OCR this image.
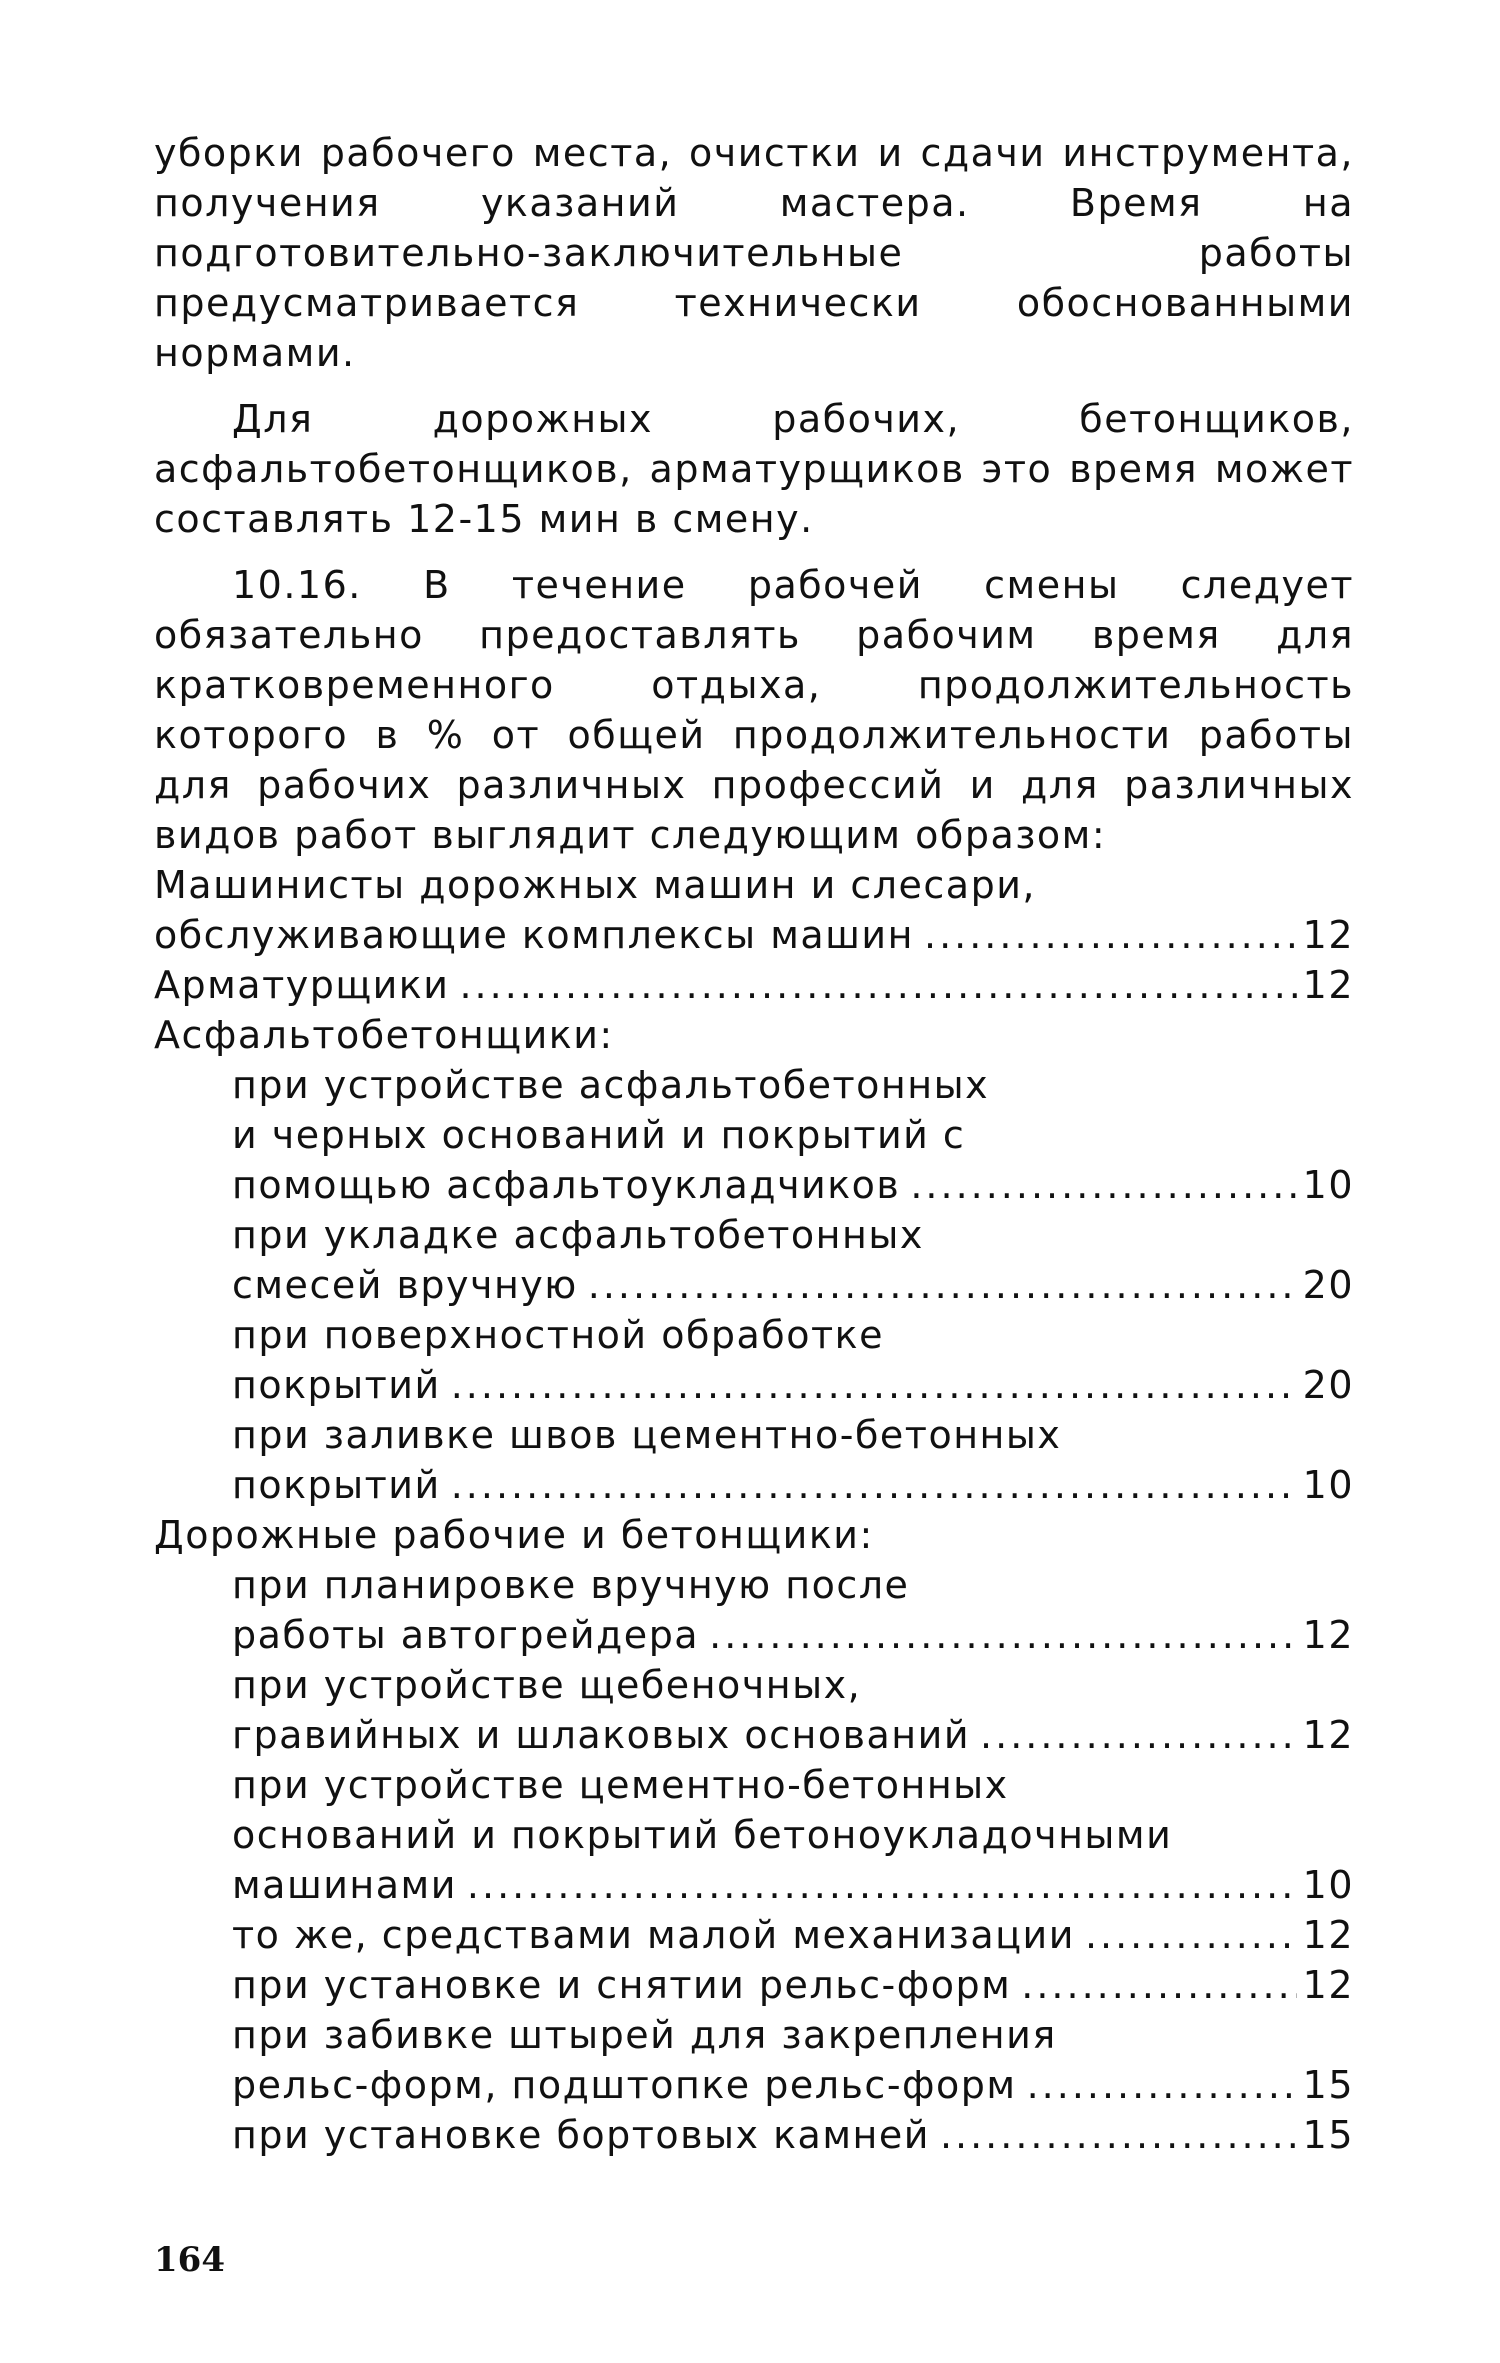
уборки рабочего места, очистки и сдачи инструмента, получения указаний мастера. Время на подготовительно-заключительные работы предусматривается технически обоснованными нормами.

Для дорожных рабочих, бетонщиков, асфальтобетонщиков, арматурщиков это время может составлять 12-15 мин в смену.

10.16. В течение рабочей смены следует обязательно предоставлять рабочим время для кратковременного отдыха, продолжительность которого в % от общей продолжительности работы для рабочих различных профессий и для различных видов работ выглядит следующим образом:

Машинисты дорожных машин и слесари,
обслуживающие комплексы машин .....	12
Арматурщики .....	12
Асфальтобетонщики:
при устройстве асфальтобетонных
и черных оснований и покрытий с
помощью асфальтоукладчиков .....	10
при укладке асфальтобетонных
смесей вручную .....	20
при поверхностной обработке
покрытий .....	20
при заливке швов цементно-бетонных
покрытий .....	10
Дорожные рабочие и бетонщики:
при планировке вручную после
работы автогрейдера .....	12
при устройстве щебеночных,
гравийных и шлаковых оснований .....	12
при устройстве цементно-бетонных
оснований и покрытий бетоноукладочными
машинами .....	10
то же, средствами малой механизации .....	12
при установке и снятии рельс-форм .....	12
при забивке штырей для закрепления
рельс-форм, подштопке рельс-форм .....	15
при установке бортовых камней .....	15
164
